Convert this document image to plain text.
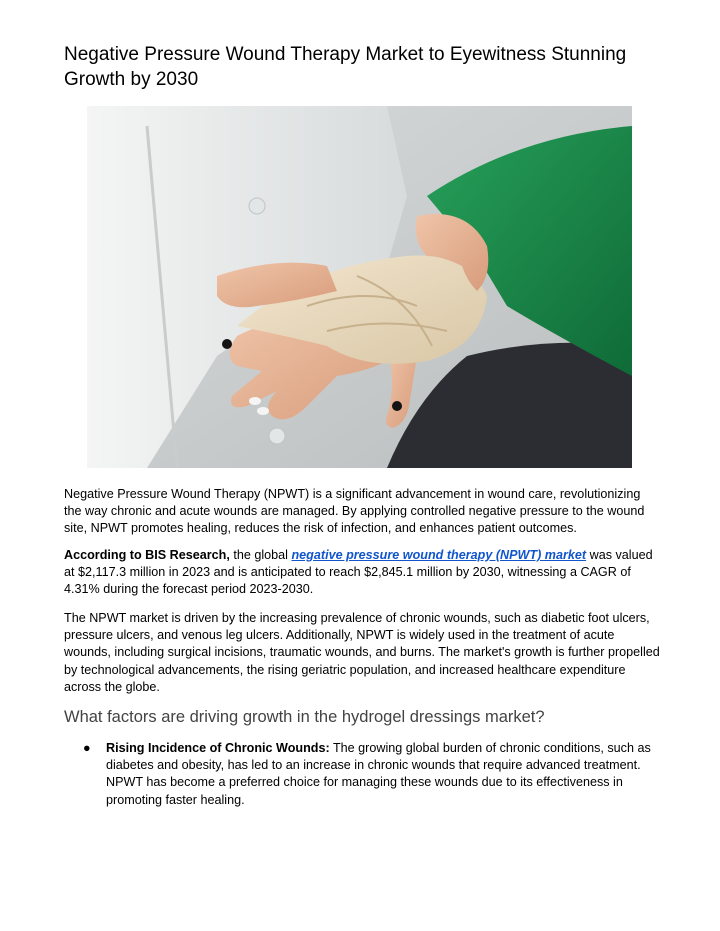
Negative Pressure Wound Therapy Market to Eyewitness Stunning Growth by 2030

Negative Pressure Wound Therapy (NPWT) is a significant advancement in wound care, revolutionizing the way chronic and acute wounds are managed. By applying controlled negative pressure to the wound site, NPWT promotes healing, reduces the risk of infection, and enhances patient outcomes.

According to BIS Research, the global negative pressure wound therapy (NPWT) market was valued at $2,117.3 million in 2023 and is anticipated to reach $2,845.1 million by 2030, witnessing a CAGR of 4.31% during the forecast period 2023-2030.

The NPWT market is driven by the increasing prevalence of chronic wounds, such as diabetic foot ulcers, pressure ulcers, and venous leg ulcers. Additionally, NPWT is widely used in the treatment of acute wounds, including surgical incisions, traumatic wounds, and burns. The market's growth is further propelled by technological advancements, the rising geriatric population, and increased healthcare expenditure across the globe.

What factors are driving growth in the hydrogel dressings market?
● Rising Incidence of Chronic Wounds: The growing global burden of chronic conditions, such as diabetes and obesity, has led to an increase in chronic wounds that require advanced treatment. NPWT has become a preferred choice for managing these wounds due to its effectiveness in promoting faster healing.
